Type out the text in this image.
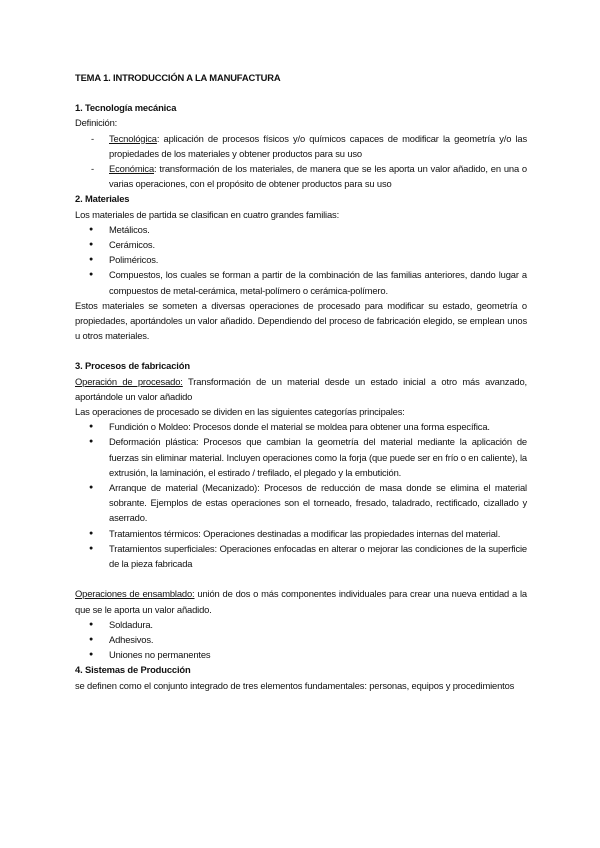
TEMA 1. INTRODUCCIÓN A LA MANUFACTURA

1. Tecnología mecánica

Definición:

- Tecnológica: aplicación de procesos físicos y/o químicos capaces de modificar la geometría y/o las propiedades de los materiales y obtener productos para su uso
- Económica: transformación de los materiales, de manera que se les aporta un valor añadido, en una o varias operaciones, con el propósito de obtener productos para su uso

2. Materiales

Los materiales de partida se clasifican en cuatro grandes familias:

● Metálicos.
● Cerámicos.
● Poliméricos.
● Compuestos, los cuales se forman a partir de la combinación de las familias anteriores, dando lugar a compuestos de metal-cerámica, metal-polímero o cerámica-polímero.

Estos materiales se someten a diversas operaciones de procesado para modificar su estado, geometría o propiedades, aportándoles un valor añadido. Dependiendo del proceso de fabricación elegido, se emplean unos u otros materiales.

3. Procesos de fabricación

Operación de procesado: Transformación de un material desde un estado inicial a otro más avanzado, aportándole un valor añadido

Las operaciones de procesado se dividen en las siguientes categorías principales:

● Fundición o Moldeo: Procesos donde el material se moldea para obtener una forma específica.
● Deformación plástica: Procesos que cambian la geometría del material mediante la aplicación de fuerzas sin eliminar material. Incluyen operaciones como la forja (que puede ser en frío o en caliente), la extrusión, la laminación, el estirado / trefilado, el plegado y la embutición.
● Arranque de material (Mecanizado): Procesos de reducción de masa donde se elimina el material sobrante. Ejemplos de estas operaciones son el torneado, fresado, taladrado, rectificado, cizallado y aserrado.
● Tratamientos térmicos: Operaciones destinadas a modificar las propiedades internas del material.
● Tratamientos superficiales: Operaciones enfocadas en alterar o mejorar las condiciones de la superficie de la pieza fabricada

Operaciones de ensamblado: unión de dos o más componentes individuales para crear una nueva entidad a la que se le aporta un valor añadido.

● Soldadura.
● Adhesivos.
● Uniones no permanentes

4. Sistemas de Producción

se definen como el conjunto integrado de tres elementos fundamentales: personas, equipos y procedimientos
